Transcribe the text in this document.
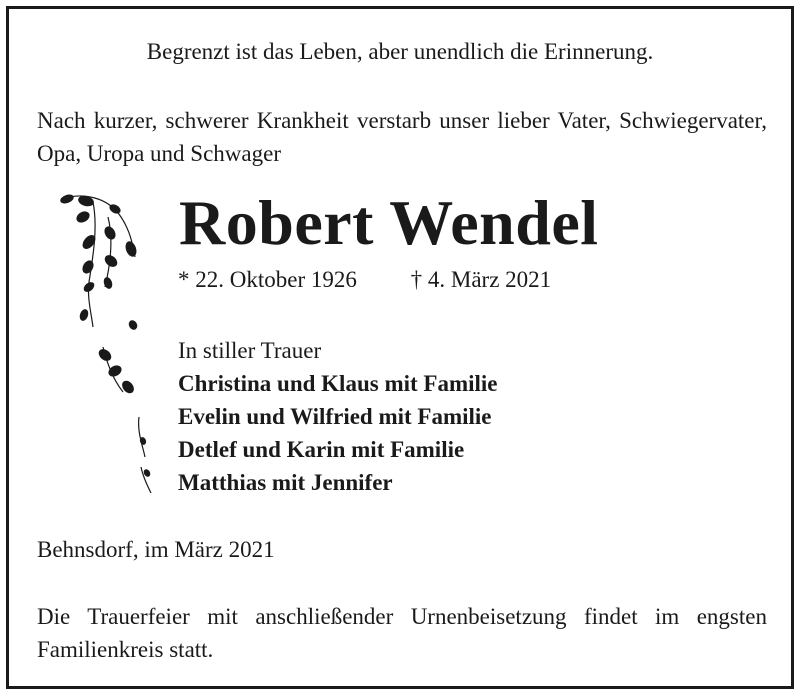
Begrenzt ist das Leben, aber unendlich die Erinnerung.
Nach kurzer, schwerer Krankheit verstarb unser lieber Vater, Schwiegervater, Opa, Uropa und Schwager
Robert Wendel
* 22. Oktober 1926 † 4. März 2021
In stiller Trauer
Christina und Klaus mit Familie
Evelin und Wilfried mit Familie
Detlef und Karin mit Familie
Matthias mit Jennifer
Behnsdorf, im März 2021
Die Trauerfeier mit anschließender Urnenbeisetzung findet im engsten Familienkreis statt.
